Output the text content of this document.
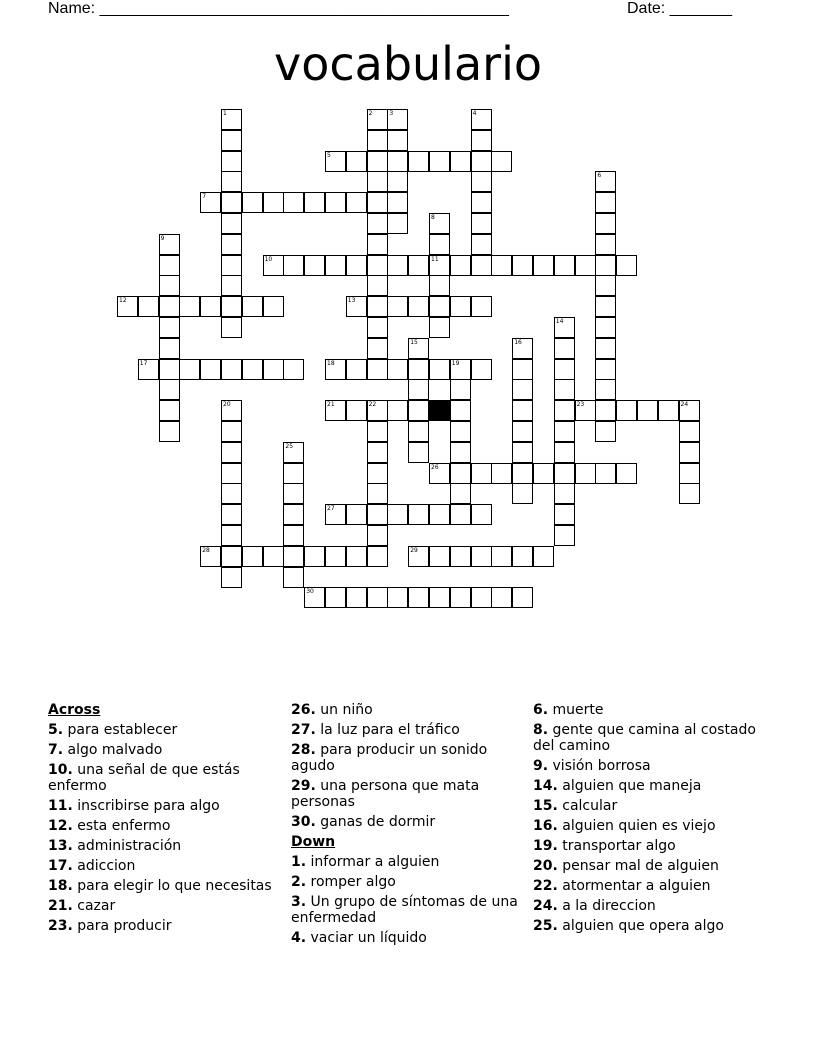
Name: ______________________________________________	Date: _______
vocabulario
1	2	3	4
5
6
7
8
11
9
10
12	13
14
15	16
17	18	19
20	21	22	23	24
25
26
27
28	29
30
Across
5. para establecer
7. algo malvado
10. una señal de que estás enfermo
11. inscribirse para algo
12. esta enfermo
13. administración
17. adiccion
18. para elegir lo que necesitas
21. cazar
23. para producir
26. un niño
27. la luz para el tráfico
28. para producir un sonido agudo
29. una persona que mata personas
30. ganas de dormir
Down
1. informar a alguien
2. romper algo
3. Un grupo de síntomas de una enfermedad
4. vaciar un líquido
6. muerte
8. gente que camina al costado del camino
9. visión borrosa
14. alguien que maneja
15. calcular
16. alguien quien es viejo
19. transportar algo
20. pensar mal de alguien
22. atormentar a alguien
24. a la direccion
25. alguien que opera algo
